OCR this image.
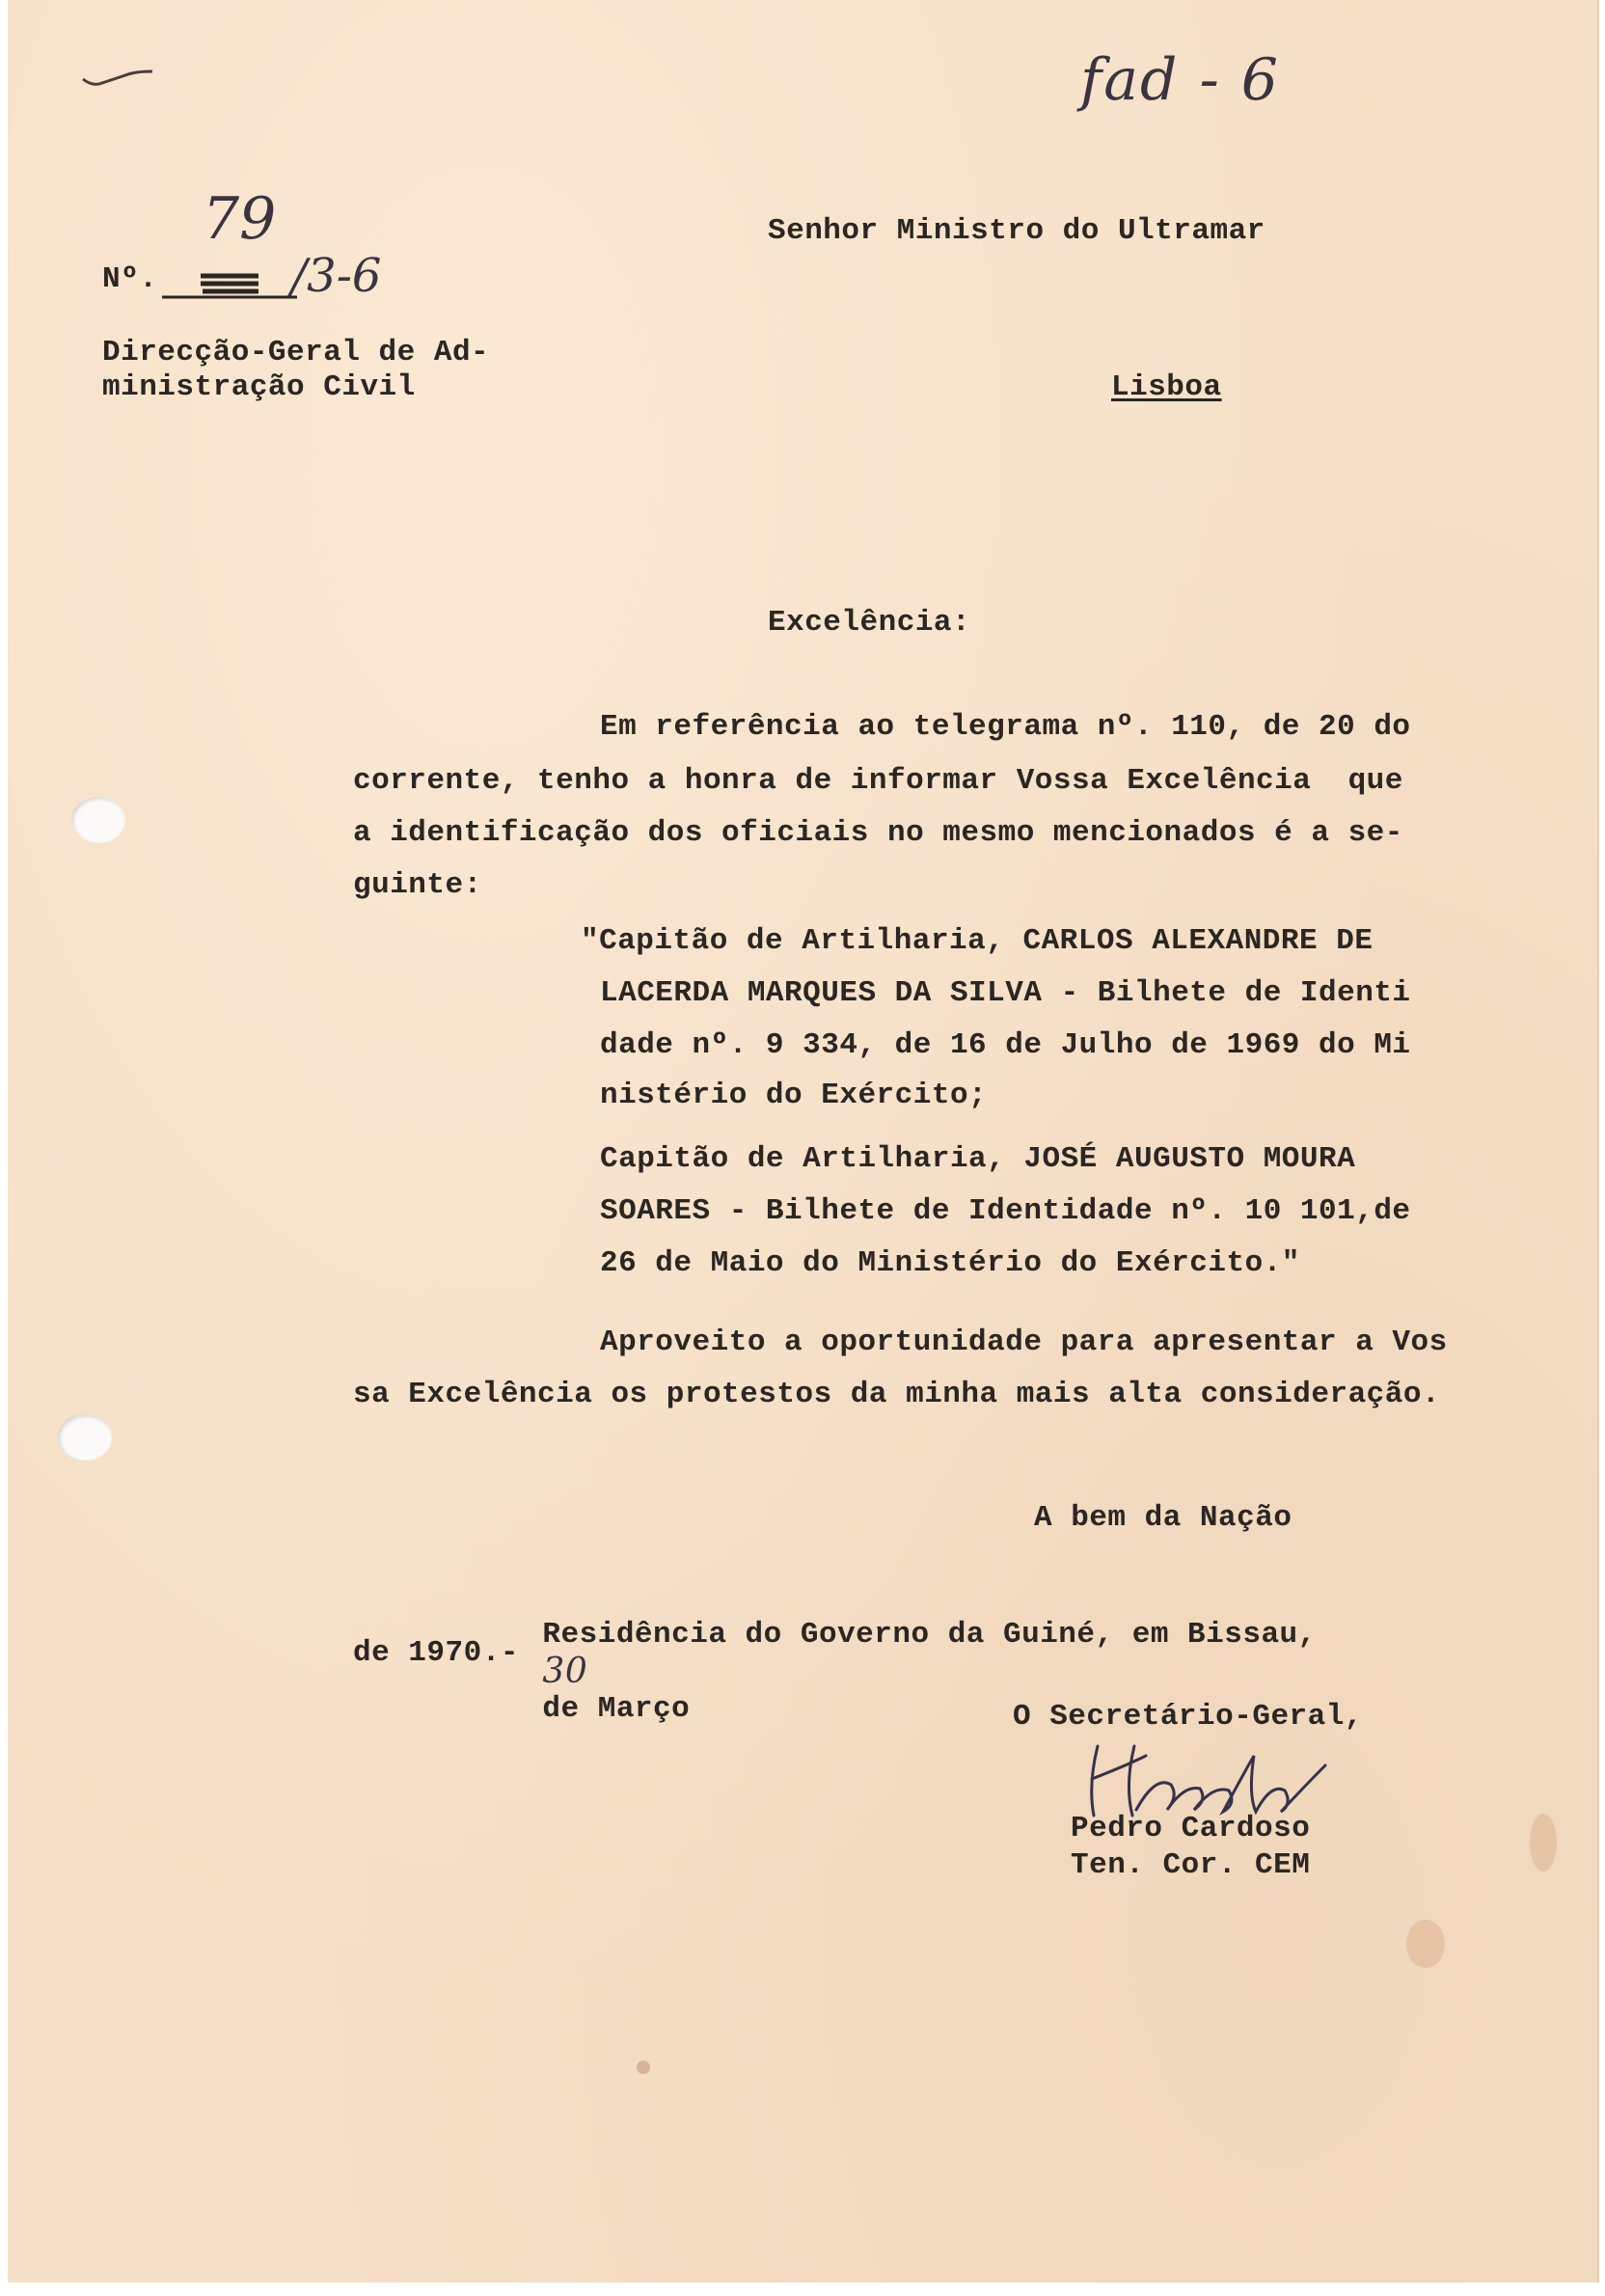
fad - 6
79
Nº.	/3-6
Direcção-Geral de Ad-
ministração Civil
Senhor Ministro do Ultramar
Lisboa
Excelência:
Em referência ao telegrama nº. 110, de 20 do
corrente, tenho a honra de informar Vossa Excelência  que
a identificação dos oficiais no mesmo mencionados é a se-
guinte:
"Capitão de Artilharia, CARLOS ALEXANDRE DE
LACERDA MARQUES DA SILVA - Bilhete de Identi
dade nº. 9 334, de 16 de Julho de 1969 do Mi
nistério do Exército;
Capitão de Artilharia, JOSÉ AUGUSTO MOURA
SOARES - Bilhete de Identidade nº. 10 101,de
26 de Maio do Ministério do Exército."
Aproveito a oportunidade para apresentar a Vos
sa Excelência os protestos da minha mais alta consideração.
A bem da Nação

Residência do Governo da Guiné, em Bissau,
30
de Março

de 1970.-
O Secretário-Geral,
Pedro Cardoso
Ten. Cor. CEM
